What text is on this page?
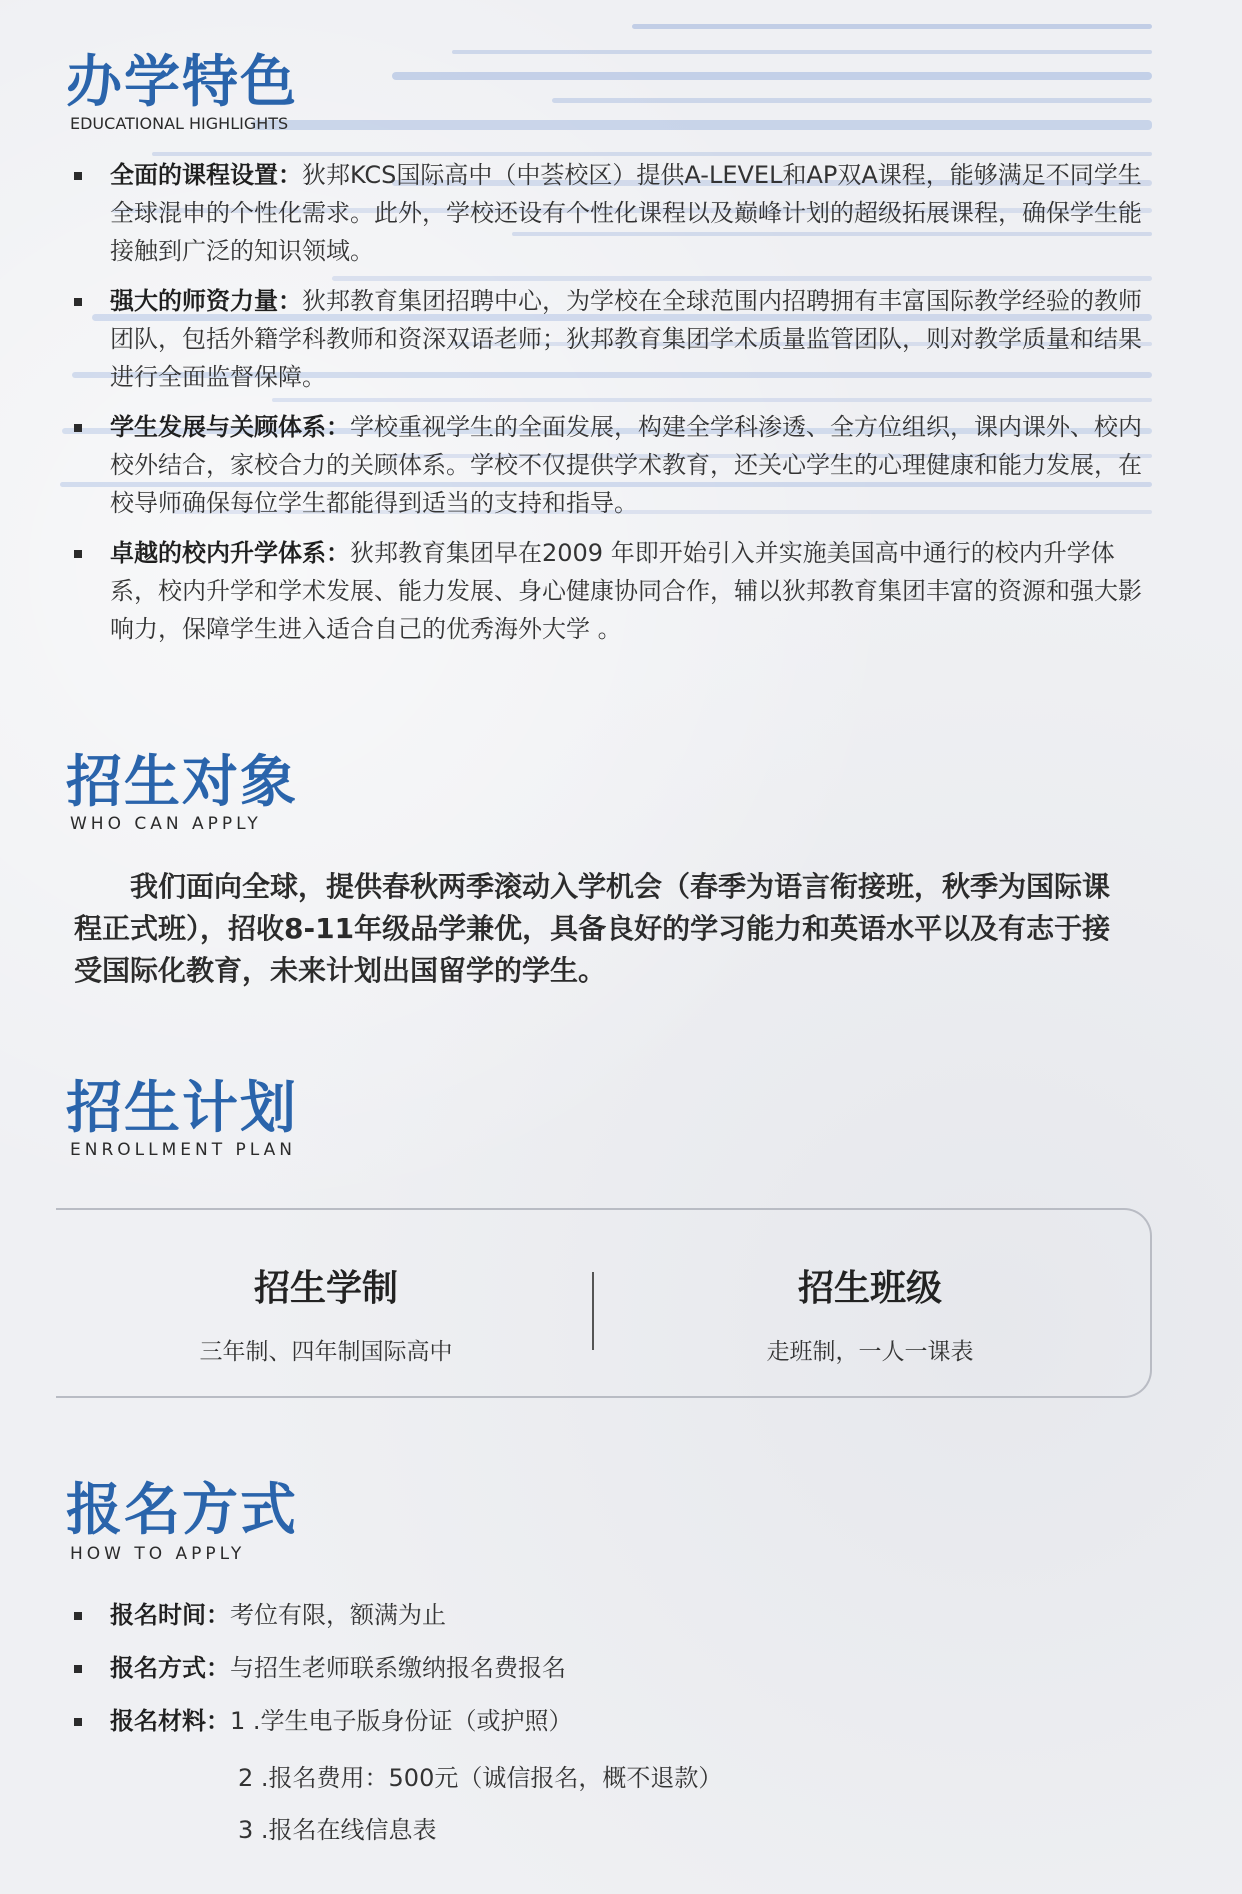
办学特色

EDUCATIONAL HIGHLIGHTS

全面的课程设置：狄邦KCS国际高中（中荟校区）提供A-LEVEL和AP双A课程，能够满足不同学生全球混申的个性化需求。此外，学校还设有个性化课程以及巅峰计划的超级拓展课程，确保学生能接触到广泛的知识领域。
强大的师资力量：狄邦教育集团招聘中心，为学校在全球范围内招聘拥有丰富国际教学经验的教师团队，包括外籍学科教师和资深双语老师；狄邦教育集团学术质量监管团队，则对教学质量和结果进行全面监督保障。
学生发展与关顾体系：学校重视学生的全面发展，构建全学科渗透、全方位组织，课内课外、校内校外结合，家校合力的关顾体系。学校不仅提供学术教育，还关心学生的心理健康和能力发展，在校导师确保每位学生都能得到适当的支持和指导。
卓越的校内升学体系：狄邦教育集团早在2009 年即开始引入并实施美国高中通行的校内升学体系，校内升学和学术发展、能力发展、身心健康协同合作，辅以狄邦教育集团丰富的资源和强大影响力，保障学生进入适合自己的优秀海外大学 。
招生对象

WHO CAN APPLY

我们面向全球，提供春秋两季滚动入学机会（春季为语言衔接班，秋季为国际课程正式班），招收8-11年级品学兼优，具备良好的学习能力和英语水平以及有志于接受国际化教育，未来计划出国留学的学生。

招生计划

ENROLLMENT PLAN

招生学制

三年制、四年制国际高中

招生班级

走班制，一人一课表

报名方式

HOW TO APPLY

报名时间：考位有限，额满为止
报名方式：与招生老师联系缴纳报名费报名
报名材料：1 .学生电子版身份证（或护照）

2 .报名费用：500元（诚信报名，概不退款）

3 .报名在线信息表
